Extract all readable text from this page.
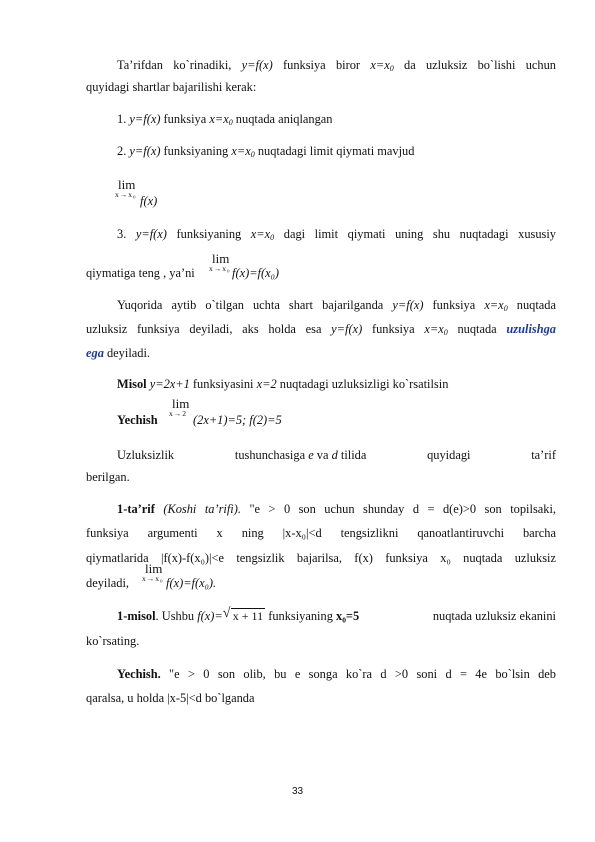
Ta’rifdan ko`rinadiki, y=f(x) funksiya biror $x=x_0$ da uzluksiz bo`lishi uchun
quyidagi shartlar bajarilishi kerak:
1. y=f(x) funksiya $x=x_0$ nuqtada aniqlangan
2. y=f(x) funksiyaning $x=x_0$ nuqtadagi limit qiymati mavjud
lim
x→x₀ f(x)
3. y=f(x) funksiyaning $x=x_0$ dagi limit qiymati uning shu nuqtadagi xususiy
qiymatiga teng , ya’ni
lim
x→x₀ f(x)=f(x₀)
Yuqorida aytib o`tilgan uchta shart bajarilganda y=f(x) funksiya $x=x_0$ nuqtada
uzluksiz funksiya deyiladi, aks holda esa y=f(x) funksiya $x=x_0$ nuqtada uzulishga
ega deyiladi.
Misol y=2x+1 funksiyasini x=2 nuqtadagi uzluksizligi ko`rsatilsin
Yechish
lim
x→2 (2x+1)=5; f(2)=5
Uzluksizlik	tushunchasiga e va d tilida	quyidagi	ta’rif
berilgan.
1-ta’rif (Koshi ta’rifi). "e > 0 son uchun shunday d = d(e)>0 son topilsaki,
funksiya argumenti x ning |x-x₀|<d tengsizlikni qanoatlantiruvchi barcha
qiymatlarida |f(x)-f(x₀)|<e tengsizlik bajarilsa, f(x) funksiya x₀ nuqtada uzluksiz
deyiladi,
lim
x→x₀ f(x)=f(x₀).
1-misol. Ushbu f(x)= √ x + 11 funksiyaning x₀=5	nuqtada uzluksiz ekanini
ko`rsating.
Yechish. "e > 0 son olib, bu e songa ko`ra d >0 soni d = 4e bo`lsin deb
qaralsa, u holda |x-5|<d bo`lganda
33
